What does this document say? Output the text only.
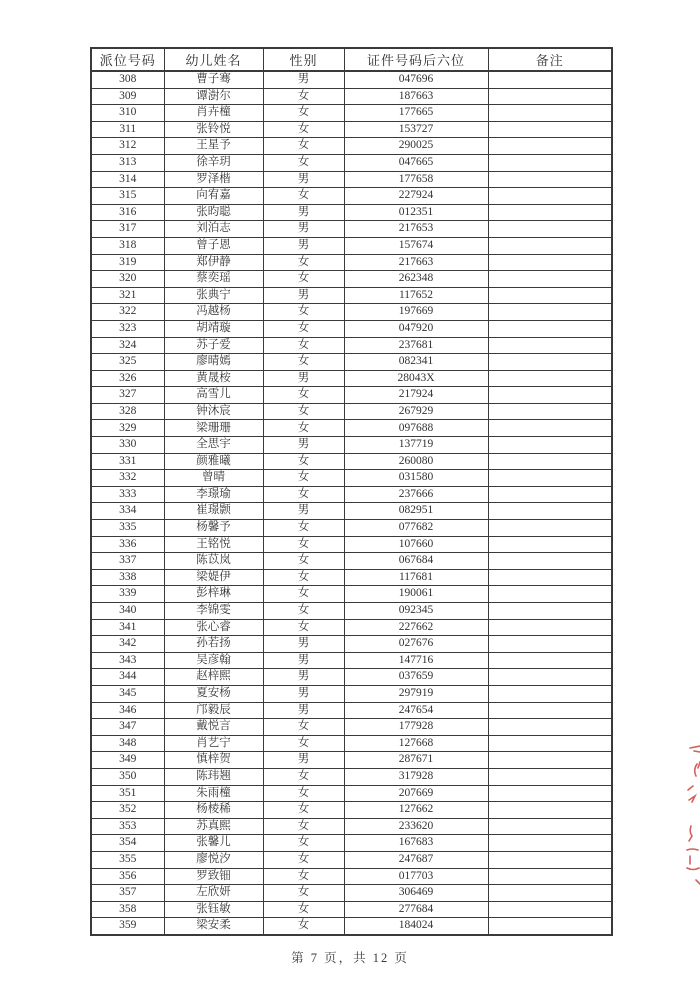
派位号码	幼儿姓名	性别	证件号码后六位	备注
308	曹子骞	男	047696	
309	谭澍尔	女	187663	
310	肖卉橦	女	177665	
311	张铃悦	女	153727	
312	王星予	女	290025	
313	徐辛玥	女	047665	
314	罗泽楷	男	177658	
315	向宥嘉	女	227924	
316	张昀聪	男	012351	
317	刘泊志	男	217653	
318	曾子恩	男	157674	
319	郑伊静	女	217663	
320	蔡奕瑶	女	262348	
321	张典宁	男	117652	
322	冯越杨	女	197669	
323	胡靖璇	女	047920	
324	苏子爱	女	237681	
325	廖晴嫣	女	082341	
326	黄晟桉	男	28043X	
327	高雪儿	女	217924	
328	钟沐宸	女	267929	
329	梁珊珊	女	097688	
330	全思宇	男	137719	
331	颜雅曦	女	260080	
332	曾晴	女	031580	
333	李璟瑜	女	237666	
334	崔璟颢	男	082951	
335	杨馨予	女	077682	
336	王铭悦	女	107660	
337	陈苡岚	女	067684	
338	梁媞伊	女	117681	
339	彭梓琳	女	190061	
340	李锦雯	女	092345	
341	张心睿	女	227662	
342	孙若扬	男	027676	
343	吴彦翰	男	147716	
344	赵梓熙	男	037659	
345	夏安杨	男	297919	
346	邝毅辰	男	247654	
347	戴悦言	女	177928	
348	肖艺宁	女	127668	
349	慎梓贺	男	287671	
350	陈玮翘	女	317928	
351	朱雨橦	女	207669	
352	杨棱稀	女	127662	
353	苏真熙	女	233620	
354	张馨儿	女	167683	
355	廖悦汐	女	247687	
356	罗致钿	女	017703	
357	左欣妍	女	306469	
358	张钰敏	女	277684	
359	梁安柔	女	184024	
第 7 页，共 12 页
